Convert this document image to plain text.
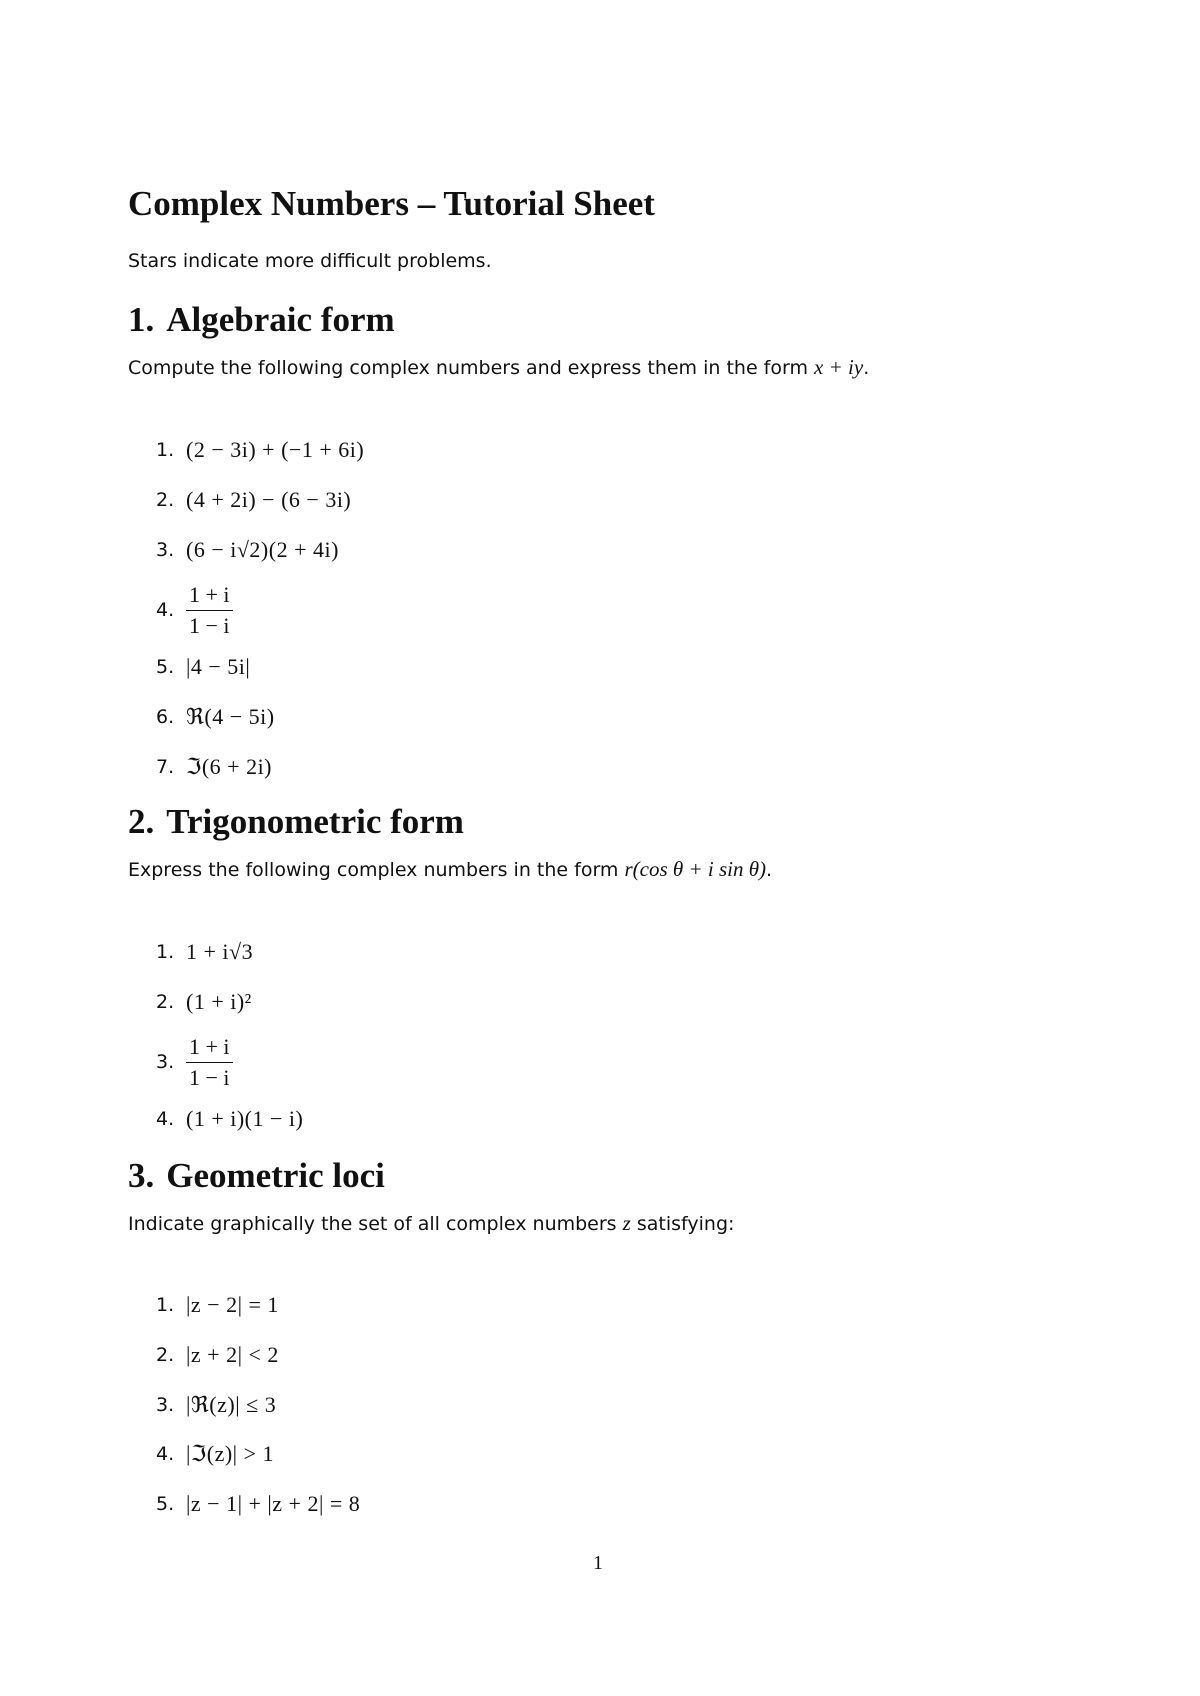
Complex Numbers – Tutorial Sheet

Stars indicate more difficult problems.

1. Algebraic form

Compute the following complex numbers and express them in the form x + iy.

1. (2 − 3i) + (−1 + 6i)
2. (4 + 2i) − (6 − 3i)
3. (6 − i√2)(2 + 4i)
4. $\frac{1 + i}{1 - i}$
5. |4 − 5i|
6. ℜ(4 − 5i)
7. ℑ(6 + 2i)
2. Trigonometric form

Express the following complex numbers in the form r(cos θ + i sin θ).

1. 1 + i√3
2. (1 + i)²
3. $\frac{1 + i}{1 - i}$
4. (1 + i)(1 − i)
3. Geometric loci

Indicate graphically the set of all complex numbers z satisfying:

1. |z − 2| = 1
2. |z + 2| < 2
3. |ℜ(z)| ≤ 3
4. |ℑ(z)| > 1
5. |z − 1| + |z + 2| = 8

1
